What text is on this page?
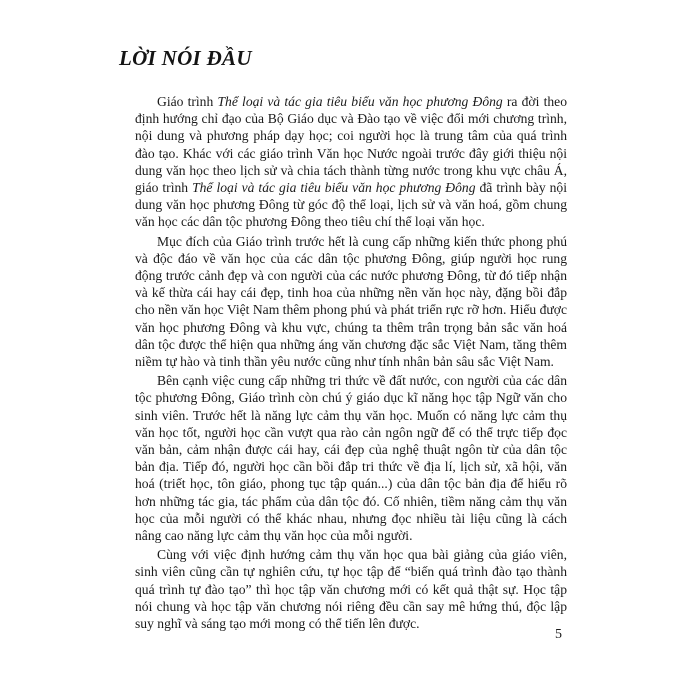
LỜI NÓI ĐẦU

Giáo trình Thể loại và tác gia tiêu biểu văn học phương Đông ra đời theo định hướng chỉ đạo của Bộ Giáo dục và Đào tạo về việc đổi mới chương trình, nội dung và phương pháp dạy học; coi người học là trung tâm của quá trình đào tạo. Khác với các giáo trình Văn học Nước ngoài trước đây giới thiệu nội dung văn học theo lịch sử và chia tách thành từng nước trong khu vực châu Á, giáo trình Thể loại và tác gia tiêu biểu văn học phương Đông đã trình bày nội dung văn học phương Đông từ góc độ thể loại, lịch sử và văn hoá, gồm chung văn học các dân tộc phương Đông theo tiêu chí thể loại văn học.

Mục đích của Giáo trình trước hết là cung cấp những kiến thức phong phú và độc đáo về văn học của các dân tộc phương Đông, giúp người học rung động trước cảnh đẹp và con người của các nước phương Đông, từ đó tiếp nhận và kế thừa cái hay cái đẹp, tinh hoa của những nền văn học này, đặng bồi đắp cho nền văn học Việt Nam thêm phong phú và phát triển rực rỡ hơn. Hiểu được văn học phương Đông và khu vực, chúng ta thêm trân trọng bản sắc văn hoá dân tộc được thể hiện qua những áng văn chương đặc sắc Việt Nam, tăng thêm niềm tự hào và tinh thần yêu nước cũng như tính nhân bản sâu sắc Việt Nam.

Bên cạnh việc cung cấp những tri thức về đất nước, con người của các dân tộc phương Đông, Giáo trình còn chú ý giáo dục kĩ năng học tập Ngữ văn cho sinh viên. Trước hết là năng lực cảm thụ văn học. Muốn có năng lực cảm thụ văn học tốt, người học cần vượt qua rào cản ngôn ngữ để có thể trực tiếp đọc văn bản, cảm nhận được cái hay, cái đẹp của nghệ thuật ngôn từ của dân tộc bản địa. Tiếp đó, người học cần bồi đắp tri thức về địa lí, lịch sử, xã hội, văn hoá (triết học, tôn giáo, phong tục tập quán...) của dân tộc bản địa để hiểu rõ hơn những tác gia, tác phẩm của dân tộc đó. Cố nhiên, tiềm năng cảm thụ văn học của mỗi người có thể khác nhau, nhưng đọc nhiều tài liệu cũng là cách nâng cao năng lực cảm thụ văn học của mỗi người.

Cùng với việc định hướng cảm thụ văn học qua bài giảng của giáo viên, sinh viên cũng cần tự nghiên cứu, tự học tập để “biến quá trình đào tạo thành quá trình tự đào tạo” thì học tập văn chương mới có kết quả thật sự. Học tập nói chung và học tập văn chương nói riêng đều cần say mê hứng thú, độc lập suy nghĩ và sáng tạo mới mong có thể tiến lên được.

5
